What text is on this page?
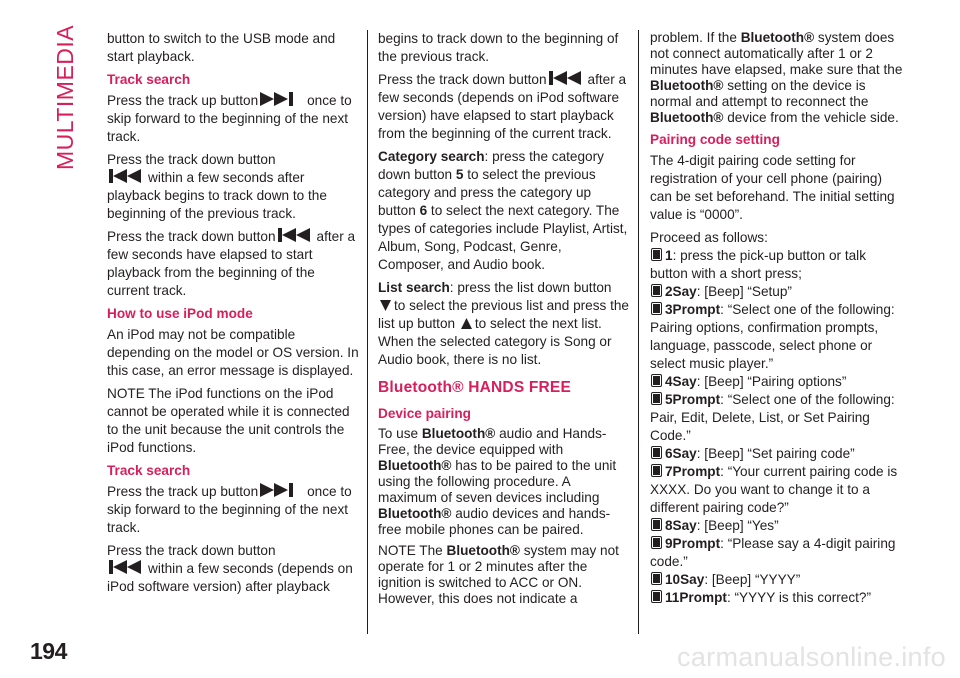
MULTIMEDIA button to switch to the USB mode and start playback.

Track search

Press the track up button	once to skip forward to the beginning of the next track.

Press the track down button
within a few seconds after playback begins to track down to the beginning of the previous track.

Press the track down button	after a few seconds have elapsed to start playback from the beginning of the current track.

How to use iPod mode

An iPod may not be compatible depending on the model or OS version. In this case, an error message is displayed.

NOTE The iPod functions on the iPod cannot be operated while it is connected to the unit because the unit controls the iPod functions.

Track search

Press the track up button	once to skip forward to the beginning of the next track.

Press the track down button
within a few seconds (depends on iPod software version) after playback

begins to track down to the beginning of the previous track.

Press the track down button	after a few seconds (depends on iPod software version) have elapsed to start playback from the beginning of the current track.

Category search: press the category down button 5 to select the previous category and press the category up button 6 to select the next category. The types of categories include Playlist, Artist, Album, Song, Podcast, Genre, Composer, and Audio book.

List search: press the list down button to select the previous list and press the list up button to select the next list. When the selected category is Song or Audio book, there is no list.

Bluetooth® HANDS FREE
Device pairing

To use Bluetooth® audio and Hands-Free, the device equipped with Bluetooth® has to be paired to the unit using the following procedure. A maximum of seven devices including Bluetooth® audio devices and hands-free mobile phones can be paired.

NOTE The Bluetooth® system may not operate for 1 or 2 minutes after the ignition is switched to ACC or ON. However, this does not indicate a

problem. If the Bluetooth® system does not connect automatically after 1 or 2 minutes have elapsed, make sure that the Bluetooth® setting on the device is normal and attempt to reconnect the Bluetooth® device from the vehicle side.

Pairing code setting

The 4-digit pairing code setting for registration of your cell phone (pairing) can be set beforehand. The initial setting value is “0000”.

Proceed as follows:

1: press the pick-up button or talk button with a short press;

2Say: [Beep] “Setup”

3Prompt: “Select one of the following: Pairing options, confirmation prompts, language, passcode, select phone or select music player.”

4Say: [Beep] “Pairing options”

5Prompt: “Select one of the following: Pair, Edit, Delete, List, or Set Pairing Code.”

6Say: [Beep] “Set pairing code”

7Prompt: “Your current pairing code is XXXX. Do you want to change it to a different pairing code?”

8Say: [Beep] “Yes”

9Prompt: “Please say a 4-digit pairing code.”

10Say: [Beep] “YYYY”

11Prompt: “YYYY is this correct?”

194	carmanualsonline.info
